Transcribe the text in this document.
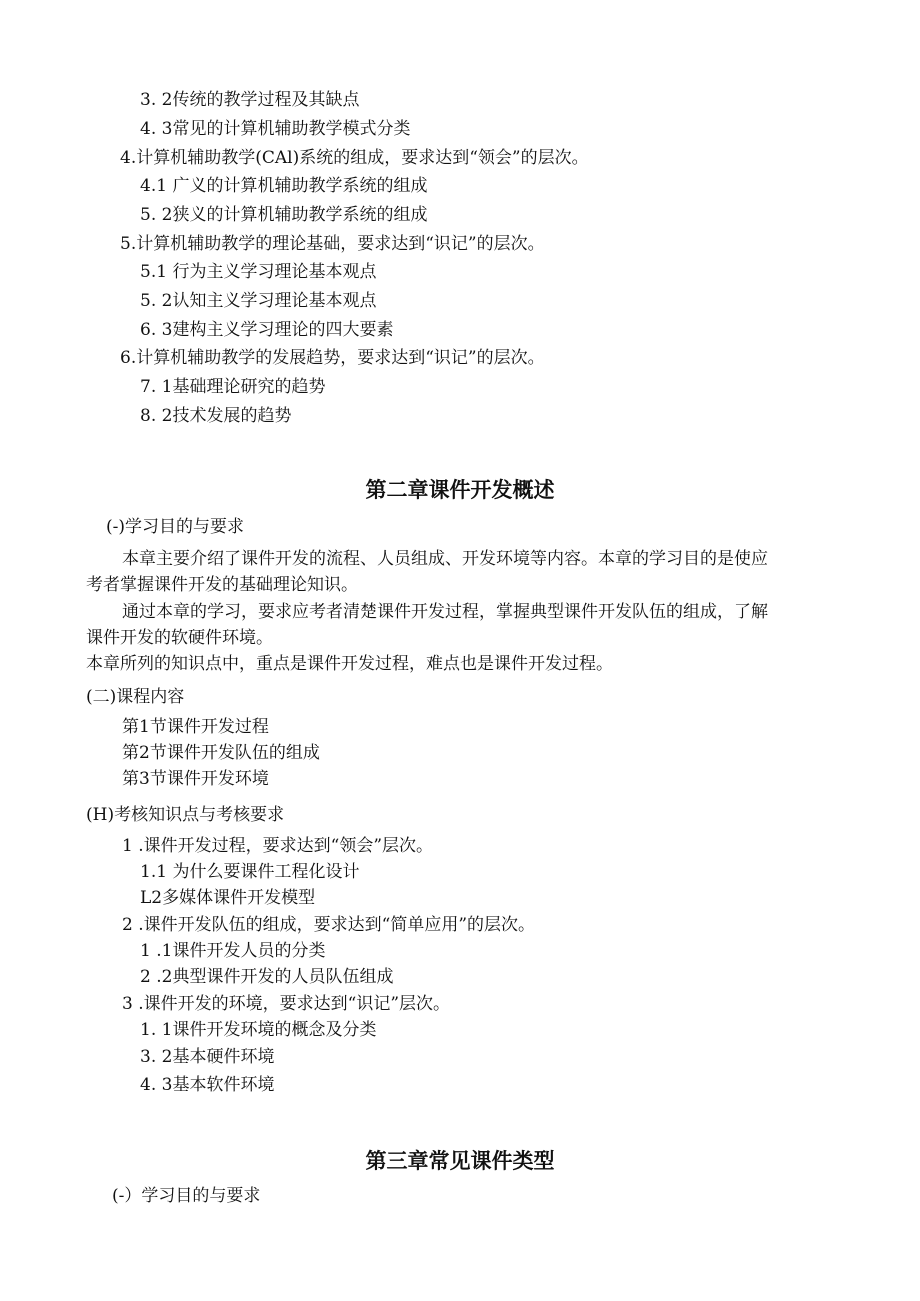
3. 2传统的教学过程及其缺点
4. 3常见的计算机辅助教学模式分类
4.计算机辅助教学(CAl)系统的组成，要求达到“领会”的层次。
4.1 广义的计算机辅助教学系统的组成
5. 2狭义的计算机辅助教学系统的组成
5.计算机辅助教学的理论基础，要求达到“识记”的层次。
5.1 行为主义学习理论基本观点
5. 2认知主义学习理论基本观点
6. 3建构主义学习理论的四大要素
6.计算机辅助教学的发展趋势，要求达到“识记”的层次。
7. 1基础理论研究的趋势
8. 2技术发展的趋势
第二章课件开发概述
(-)学习目的与要求
本章主要介绍了课件开发的流程、人员组成、开发环境等内容。本章的学习目的是使应
考者掌握课件开发的基础理论知识。
通过本章的学习，要求应考者清楚课件开发过程，掌握典型课件开发队伍的组成，了解
课件开发的软硬件环境。
本章所列的知识点中，重点是课件开发过程，难点也是课件开发过程。
(二)课程内容
第1节课件开发过程
第2节课件开发队伍的组成
第3节课件开发环境
(H)考核知识点与考核要求
1 .课件开发过程，要求达到“领会”层次。
1.1 为什么要课件工程化设计
L2多媒体课件开发模型
2 .课件开发队伍的组成，要求达到“简单应用”的层次。
1 .1课件开发人员的分类
2 .2典型课件开发的人员队伍组成
3 .课件开发的环境，要求达到“识记”层次。
1. 1课件开发环境的概念及分类
3. 2基本硬件环境
4. 3基本软件环境
第三章常见课件类型
(-）学习目的与要求
